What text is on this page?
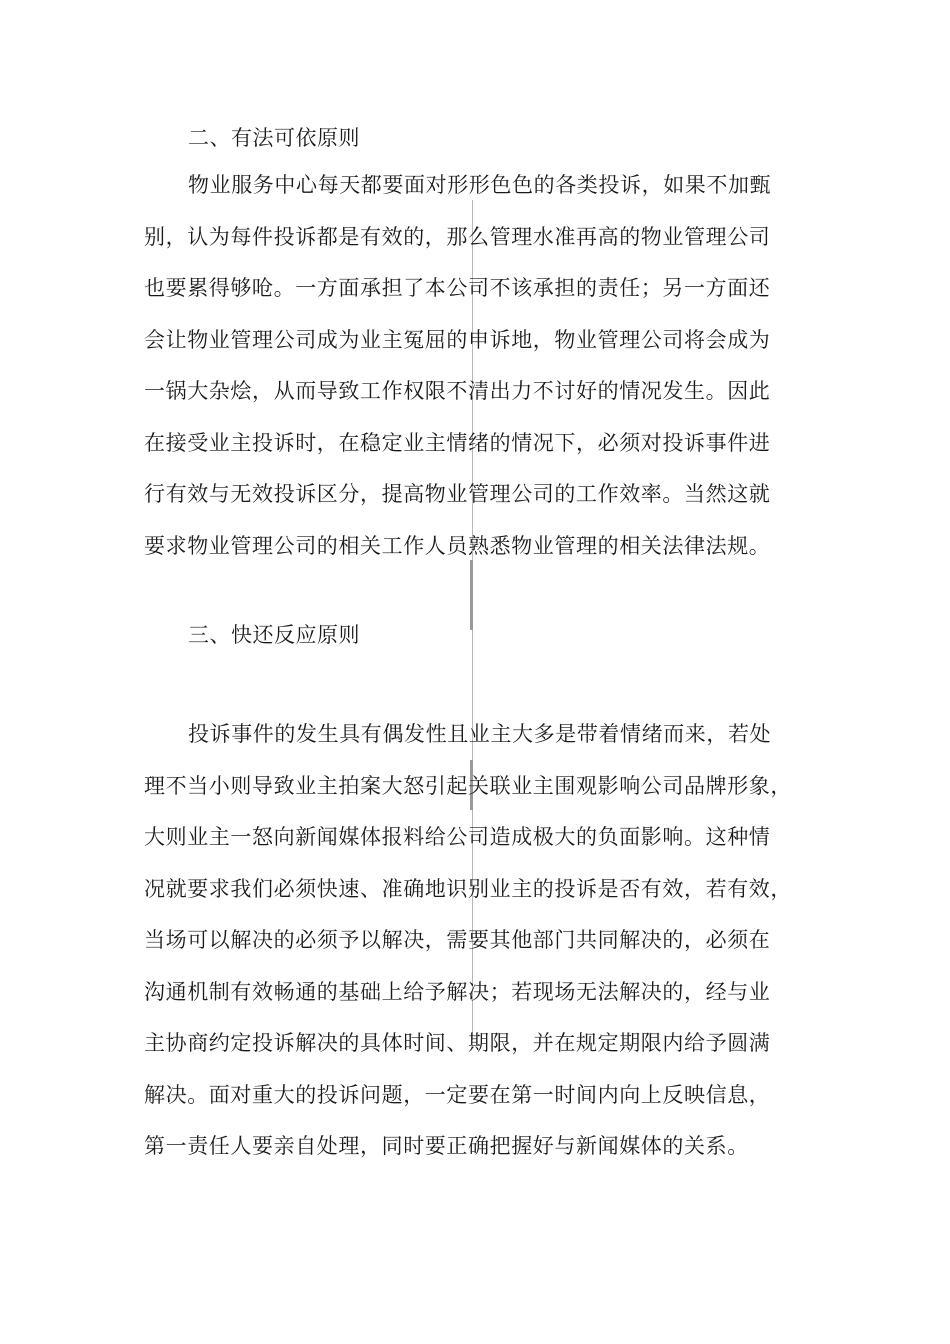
二、有法可依原则
物业服务中心每天都要面对形形色色的各类投诉，如果不加甄
别，认为每件投诉都是有效的，那么管理水准再高的物业管理公司
也要累得够呛。一方面承担了本公司不该承担的责任；另一方面还
会让物业管理公司成为业主冤屈的申诉地，物业管理公司将会成为
一锅大杂烩，从而导致工作权限不清出力不讨好的情况发生。因此
在接受业主投诉时，在稳定业主情绪的情况下，必须对投诉事件进
行有效与无效投诉区分，提高物业管理公司的工作效率。当然这就
要求物业管理公司的相关工作人员熟悉物业管理的相关法律法规。
三、快还反应原则
投诉事件的发生具有偶发性且业主大多是带着情绪而来，若处
理不当小则导致业主拍案大怒引起关联业主围观影响公司品牌形象，
大则业主一怒向新闻媒体报料给公司造成极大的负面影响。这种情
况就要求我们必须快速、准确地识别业主的投诉是否有效，若有效，
当场可以解决的必须予以解决，需要其他部门共同解决的，必须在
沟通机制有效畅通的基础上给予解决；若现场无法解决的，经与业
主协商约定投诉解决的具体时间、期限，并在规定期限内给予圆满
解决。面对重大的投诉问题，一定要在第一时间内向上反映信息，
第一责任人要亲自处理，同时要正确把握好与新闻媒体的关系。
